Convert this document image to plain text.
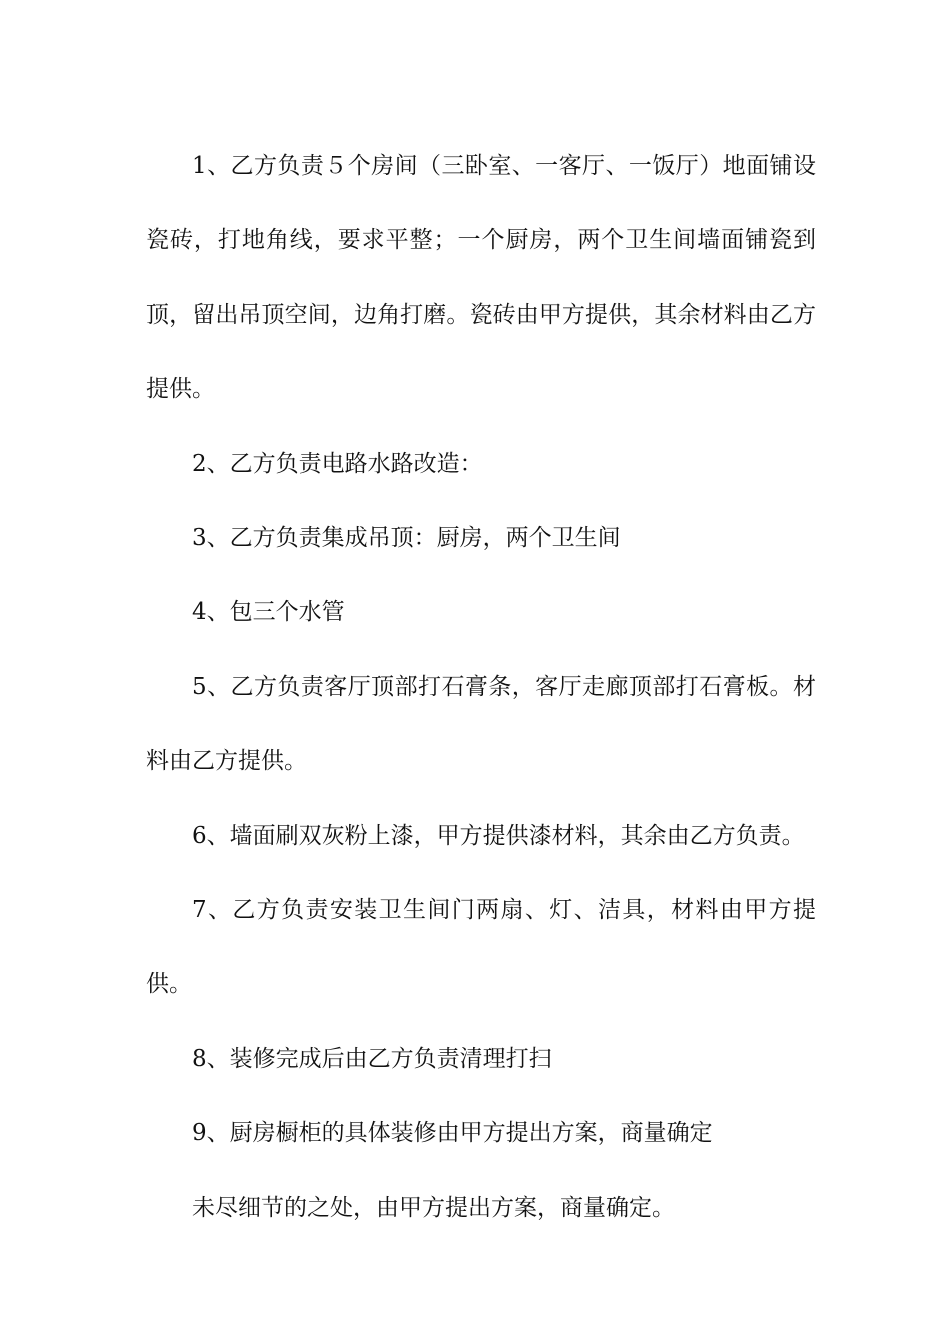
1、乙方负责５个房间（三卧室、一客厅、一饭厅）地面铺设瓷砖，打地角线，要求平整；一个厨房，两个卫生间墙面铺瓷到顶，留出吊顶空间，边角打磨。瓷砖由甲方提供，其余材料由乙方提供。

2、乙方负责电路水路改造：

3、乙方负责集成吊顶：厨房，两个卫生间

4、包三个水管

5、乙方负责客厅顶部打石膏条，客厅走廊顶部打石膏板。材料由乙方提供。

6、墙面刷双灰粉上漆，甲方提供漆材料，其余由乙方负责。

7、乙方负责安装卫生间门两扇、灯、洁具，材料由甲方提供。

8、装修完成后由乙方负责清理打扫

9、厨房橱柜的具体装修由甲方提出方案，商量确定

未尽细节的之处，由甲方提出方案，商量确定。
